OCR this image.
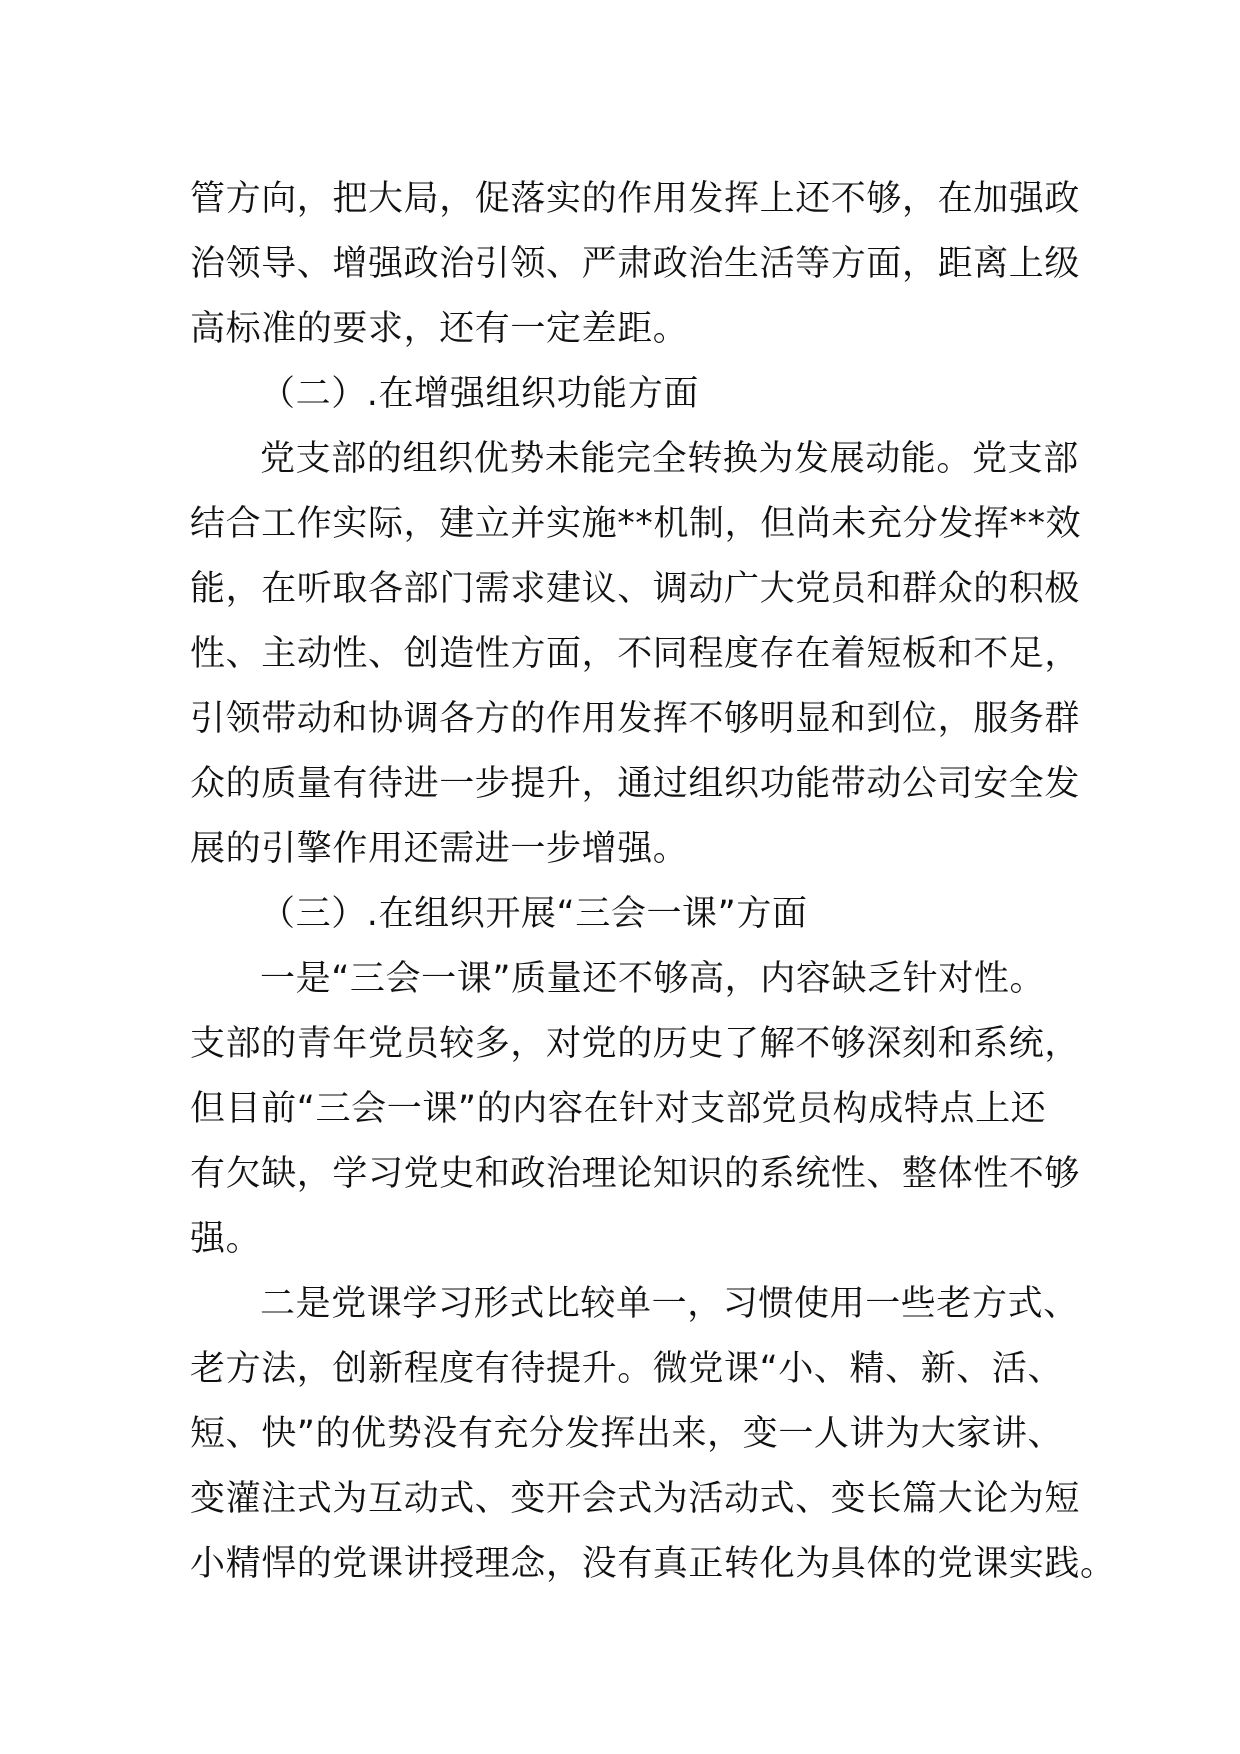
管方向，把大局，促落实的作用发挥上还不够，在加强政
治领导、增强政治引领、严肃政治生活等方面，距离上级
高标准的要求，还有一定差距。
（二）.在增强组织功能方面
党支部的组织优势未能完全转换为发展动能。党支部
结合工作实际，建立并实施**机制，但尚未充分发挥**效
能，在听取各部门需求建议、调动广大党员和群众的积极
性、主动性、创造性方面，不同程度存在着短板和不足，
引领带动和协调各方的作用发挥不够明显和到位，服务群
众的质量有待进一步提升，通过组织功能带动公司安全发
展的引擎作用还需进一步增强。
（三）.在组织开展“三会一课”方面
一是“三会一课”质量还不够高，内容缺乏针对性。
支部的青年党员较多，对党的历史了解不够深刻和系统，
但目前“三会一课”的内容在针对支部党员构成特点上还
有欠缺，学习党史和政治理论知识的系统性、整体性不够
强。
二是党课学习形式比较单一，习惯使用一些老方式、
老方法，创新程度有待提升。微党课“小、精、新、活、
短、快”的优势没有充分发挥出来，变一人讲为大家讲、
变灌注式为互动式、变开会式为活动式、变长篇大论为短
小精悍的党课讲授理念，没有真正转化为具体的党课实践。
